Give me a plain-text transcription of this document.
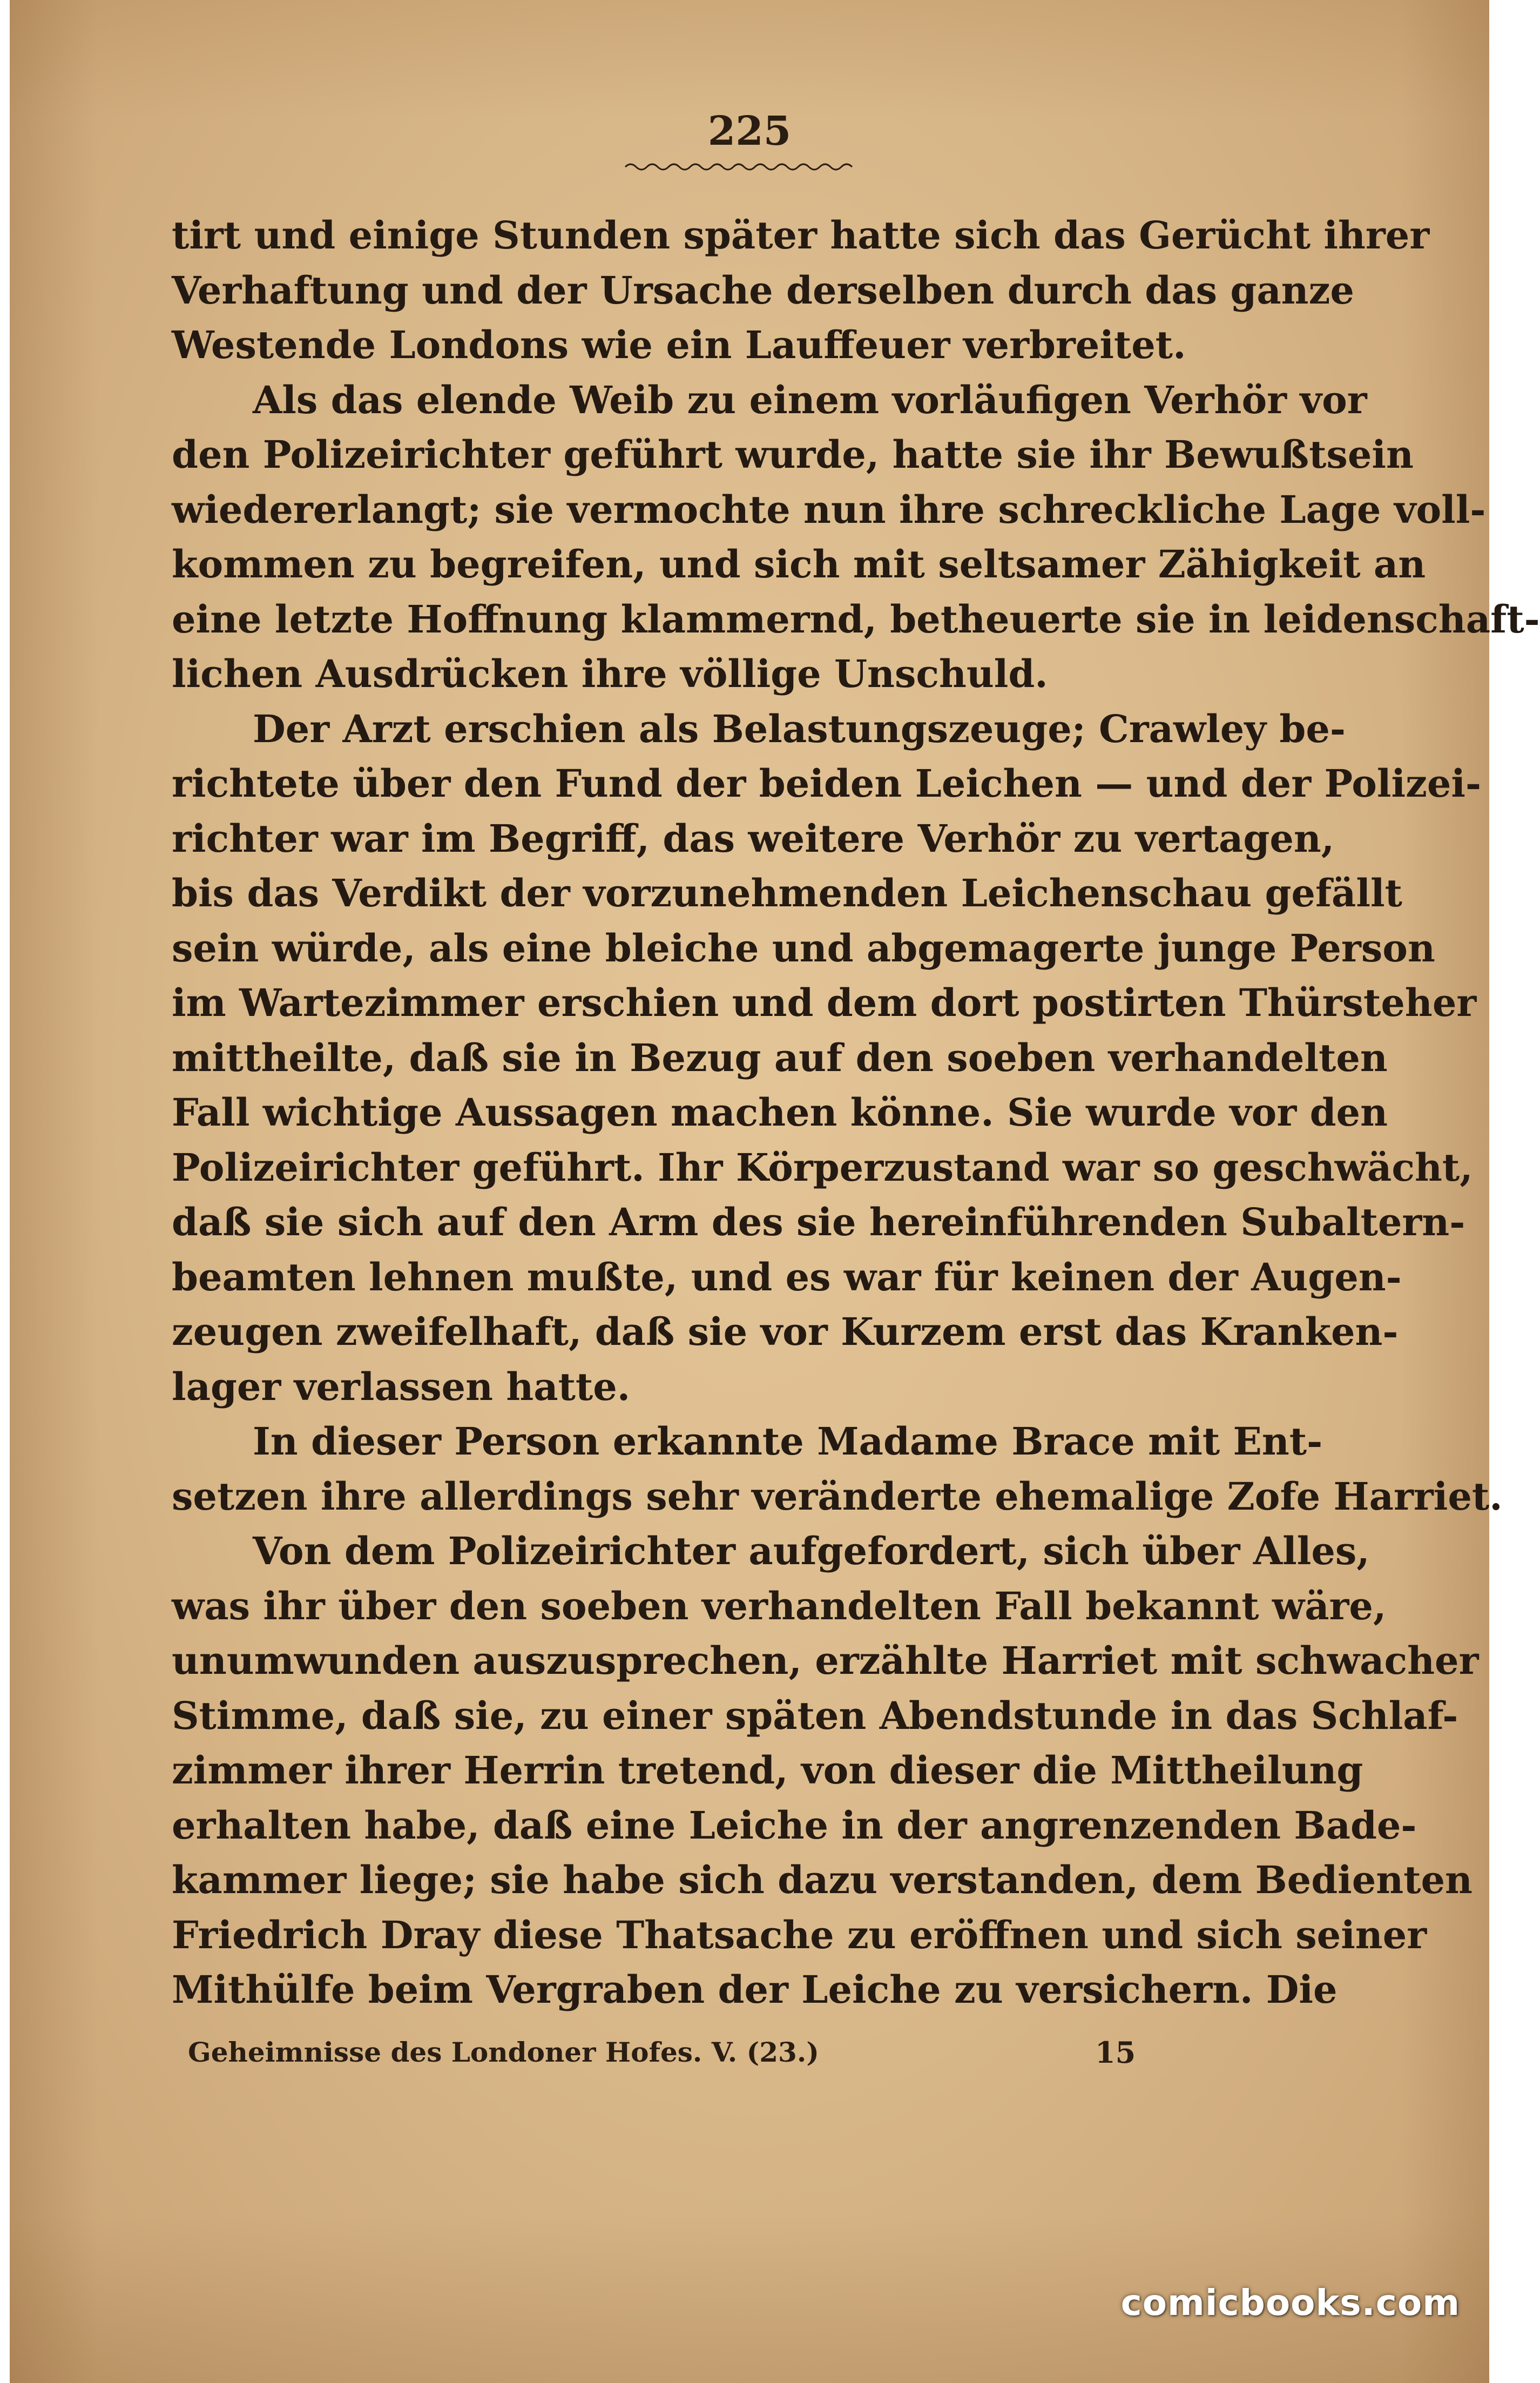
225
tirt und einige Stunden später hatte sich das Gerücht ihrer
Verhaftung und der Ursache derselben durch das ganze
Westende Londons wie ein Lauffeuer verbreitet.
Als das elende Weib zu einem vorläufigen Verhör vor
den Polizeirichter geführt wurde, hatte sie ihr Bewußtsein
wiedererlangt; sie vermochte nun ihre schreckliche Lage voll-
kommen zu begreifen, und sich mit seltsamer Zähigkeit an
eine letzte Hoffnung klammernd, betheuerte sie in leidenschaft-
lichen Ausdrücken ihre völlige Unschuld.
Der Arzt erschien als Belastungszeuge; Crawley be-
richtete über den Fund der beiden Leichen — und der Polizei-
richter war im Begriff, das weitere Verhör zu vertagen,
bis das Verdikt der vorzunehmenden Leichenschau gefällt
sein würde, als eine bleiche und abgemagerte junge Person
im Wartezimmer erschien und dem dort postirten Thürsteher
mittheilte, daß sie in Bezug auf den soeben verhandelten
Fall wichtige Aussagen machen könne. Sie wurde vor den
Polizeirichter geführt. Ihr Körperzustand war so geschwächt,
daß sie sich auf den Arm des sie hereinführenden Subaltern-
beamten lehnen mußte, und es war für keinen der Augen-
zeugen zweifelhaft, daß sie vor Kurzem erst das Kranken-
lager verlassen hatte.
In dieser Person erkannte Madame Brace mit Ent-
setzen ihre allerdings sehr veränderte ehemalige Zofe Harriet.
Von dem Polizeirichter aufgefordert, sich über Alles,
was ihr über den soeben verhandelten Fall bekannt wäre,
unumwunden auszusprechen, erzählte Harriet mit schwacher
Stimme, daß sie, zu einer späten Abendstunde in das Schlaf-
zimmer ihrer Herrin tretend, von dieser die Mittheilung
erhalten habe, daß eine Leiche in der angrenzenden Bade-
kammer liege; sie habe sich dazu verstanden, dem Bedienten
Friedrich Dray diese Thatsache zu eröffnen und sich seiner
Mithülfe beim Vergraben der Leiche zu versichern. Die
Geheimnisse des Londoner Hofes. V. (23.)	15
comicbooks.com
